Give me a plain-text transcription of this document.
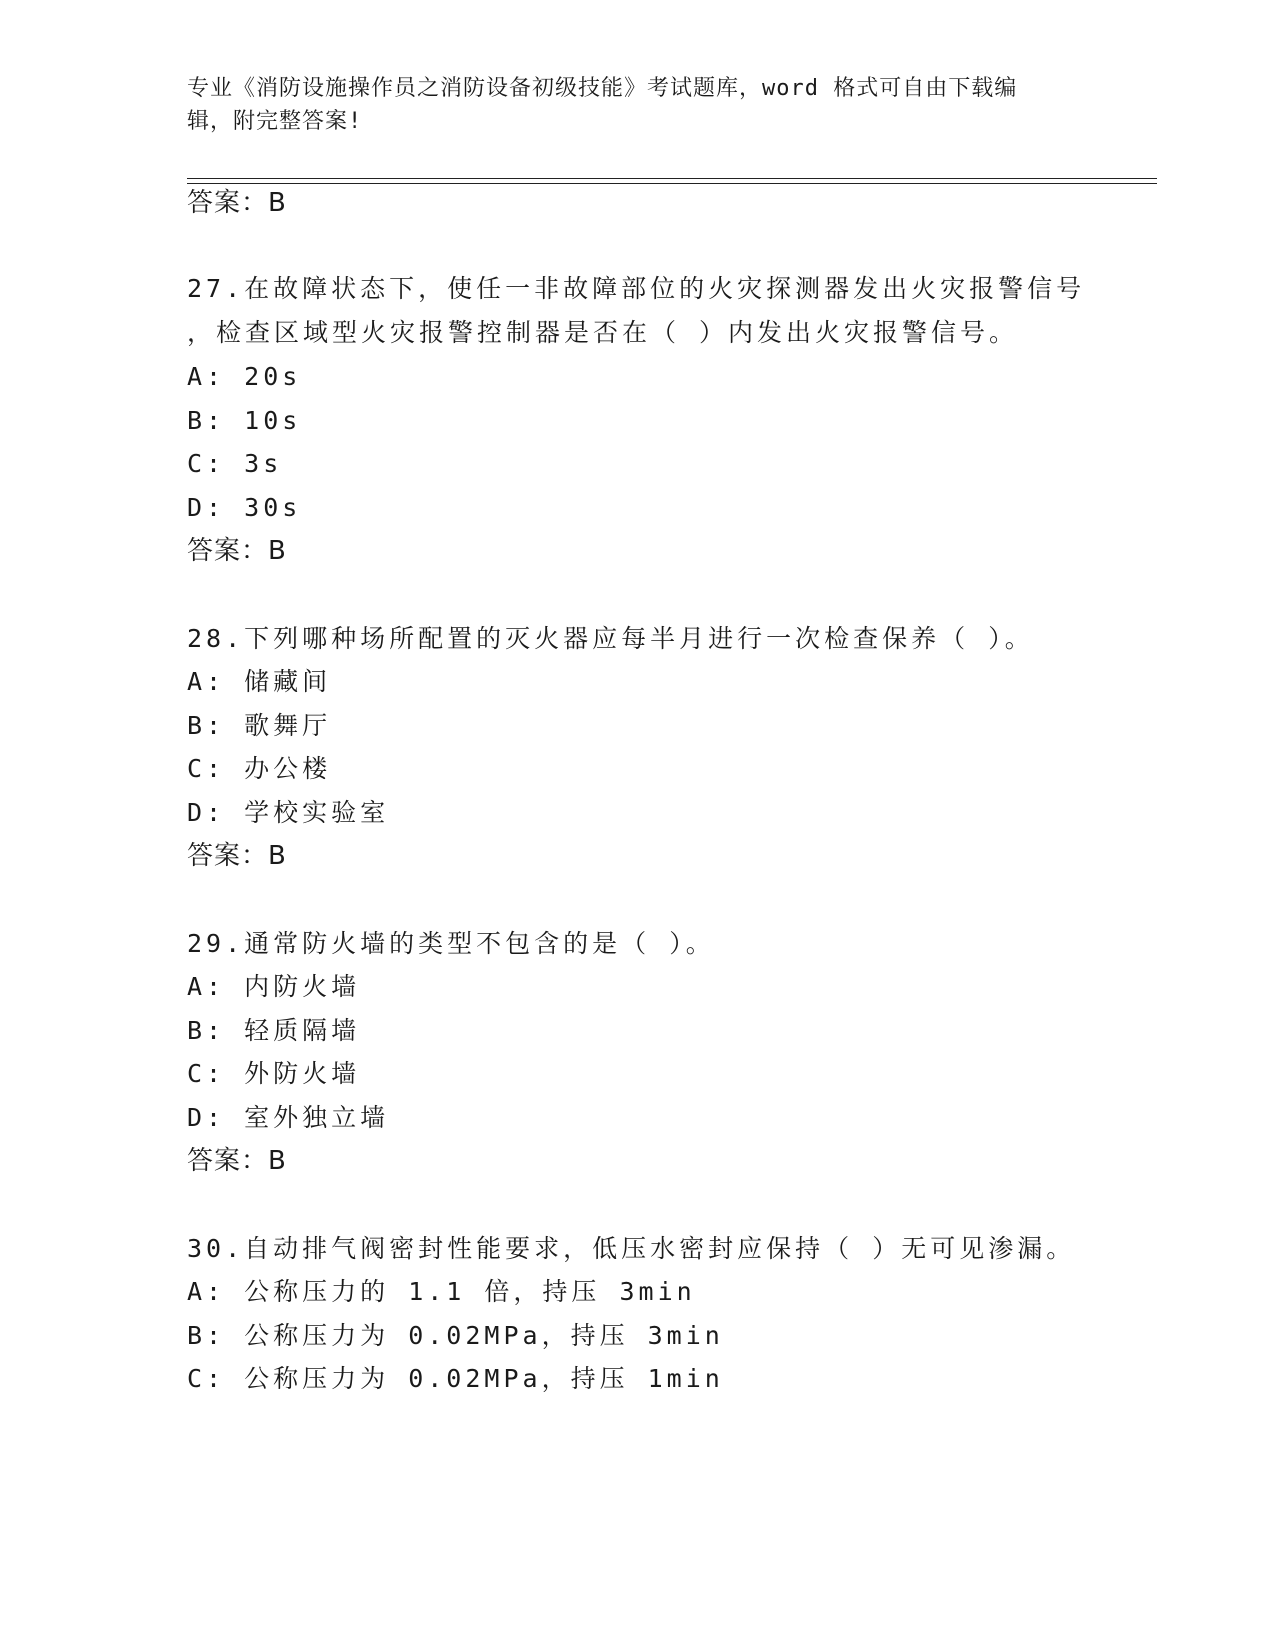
专业《消防设施操作员之消防设备初级技能》考试题库，word 格式可自由下载编
辑，附完整答案!
答案：B
27.在故障状态下，使任一非故障部位的火灾探测器发出火灾报警信号
，检查区域型火灾报警控制器是否在（ ）内发出火灾报警信号。
A: 20s
B: 10s
C: 3s
D: 30s
答案：B
28.下列哪种场所配置的灭火器应每半月进行一次检查保养（ ）。
A: 储藏间
B: 歌舞厅
C: 办公楼
D: 学校实验室
答案：B
29.通常防火墙的类型不包含的是（ ）。
A: 内防火墙
B: 轻质隔墙
C: 外防火墙
D: 室外独立墙
答案：B
30.自动排气阀密封性能要求，低压水密封应保持（ ）无可见渗漏。
A: 公称压力的 1.1 倍，持压 3min
B: 公称压力为 0.02MPa，持压 3min
C: 公称压力为 0.02MPa，持压 1min
